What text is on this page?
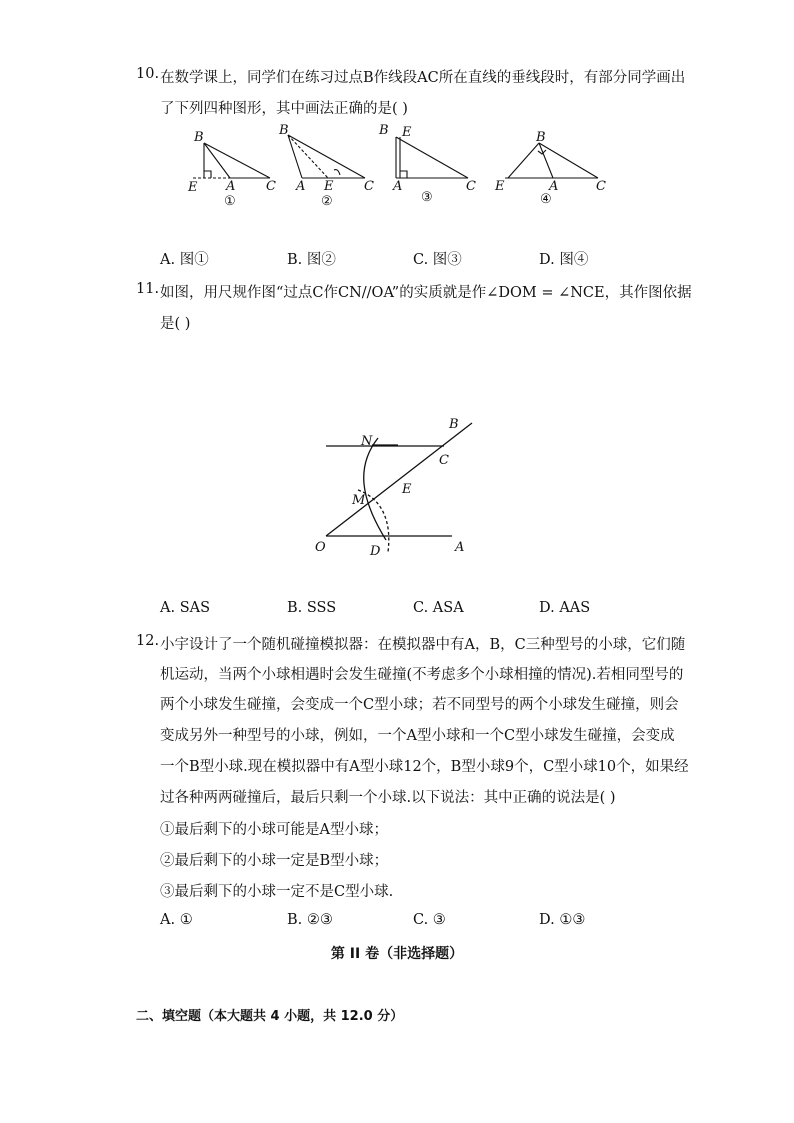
10. 在数学课上，同学们在练习过点B作线段AC所在直线的垂线段时，有部分同学画出
了下列四种图形，其中画法正确的是( )
B
E A C
①
B
A E C
②
B E
A	C
③
B
E	A	C
④
A. 图①	B. 图②	C. 图③	D. 图④
11. 如图，用尺规作图“过点C作CN//OA”的实质就是作∠DOM = ∠NCE，其作图依据
是( )
N
B
C
M
E
O	D	A
A. SAS	B. SSS	C. ASA	D. AAS
12. 小宇设计了一个随机碰撞模拟器：在模拟器中有A，B，C三种型号的小球，它们随
机运动，当两个小球相遇时会发生碰撞(不考虑多个小球相撞的情况).若相同型号的
两个小球发生碰撞，会变成一个C型小球；若不同型号的两个小球发生碰撞，则会
变成另外一种型号的小球，例如，一个A型小球和一个C型小球发生碰撞，会变成
一个B型小球.现在模拟器中有A型小球12个，B型小球9个，C型小球10个，如果经
过各种两两碰撞后，最后只剩一个小球.以下说法：其中正确的说法是( )
①最后剩下的小球可能是A型小球；
②最后剩下的小球一定是B型小球；
③最后剩下的小球一定不是C型小球.
A. ①	B. ②③	C. ③	D. ①③
第 II 卷（非选择题）
二、填空题（本大题共 4 小题，共 12.0 分）
